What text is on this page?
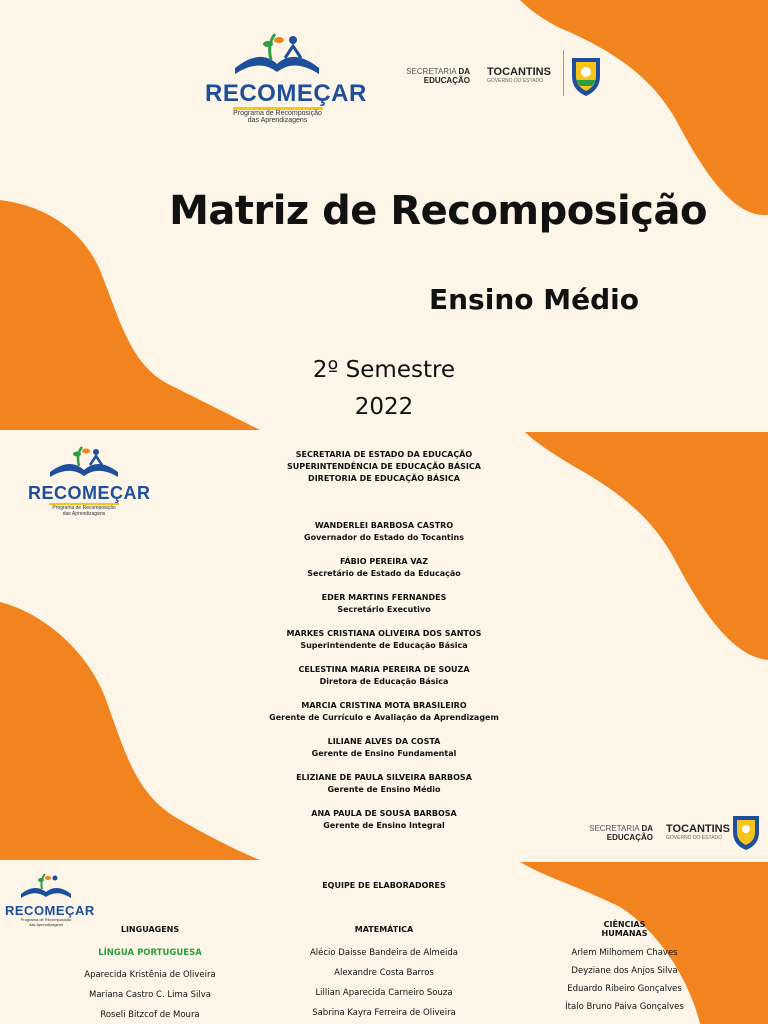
RECOMEÇAR
Programa de Recomposição
das Aprendizagens
SECRETARIA DA
EDUCAÇÃO
TOCANTINS
GOVERNO DO ESTADO
Matriz de Recomposição
Ensino Médio
2º Semestre
2022
RECOMEÇAR
Programa de Recomposição
das Aprendizagens
SECRETARIA DE ESTADO DA EDUCAÇÃO
SUPERINTENDÊNCIA DE EDUCAÇÃO BÁSICA
DIRETORIA DE EDUCAÇÃO BÁSICA
WANDERLEI BARBOSA CASTRO
Governador do Estado do Tocantins
FÁBIO PEREIRA VAZ
Secretário de Estado da Educação
EDER MARTINS FERNANDES
Secretário Executivo
MARKES CRISTIANA OLIVEIRA DOS SANTOS
Superintendente de Educação Básica
CELESTINA MARIA PEREIRA DE SOUZA
Diretora de Educação Básica
MARCIA CRISTINA MOTA BRASILEIRO
Gerente de Currículo e Avaliação da Aprendizagem
LILIANE ALVES DA COSTA
Gerente de Ensino Fundamental
ELIZIANE DE PAULA SILVEIRA BARBOSA
Gerente de Ensino Médio
ANA PAULA DE SOUSA BARBOSA
Gerente de Ensino Integral	SECRETARIA DA
EDUCAÇÃO
TOCANTINS
GOVERNO DO ESTADO
RECOMEÇAR
Programa de Recomposição
das Aprendizagens
EQUIPE DE ELABORADORES
LINGUAGENS
LÍNGUA PORTUGUESA
Aparecida Kristênia de Oliveira
Mariana Castro C. Lima Silva
Roseli Bitzcof de Moura
MATEMÁTICA
Alécio Daisse Bandeira de Almeida
Alexandre Costa Barros
Lillian Aparecida Carneiro Souza
Sabrina Kayra Ferreira de Oliveira
CIÊNCIAS
HUMANAS
Arlem Milhomem Chaves
Deyziane dos Anjos Silva
Eduardo Ribeiro Gonçalves
Ítalo Bruno Paiva Gonçalves
